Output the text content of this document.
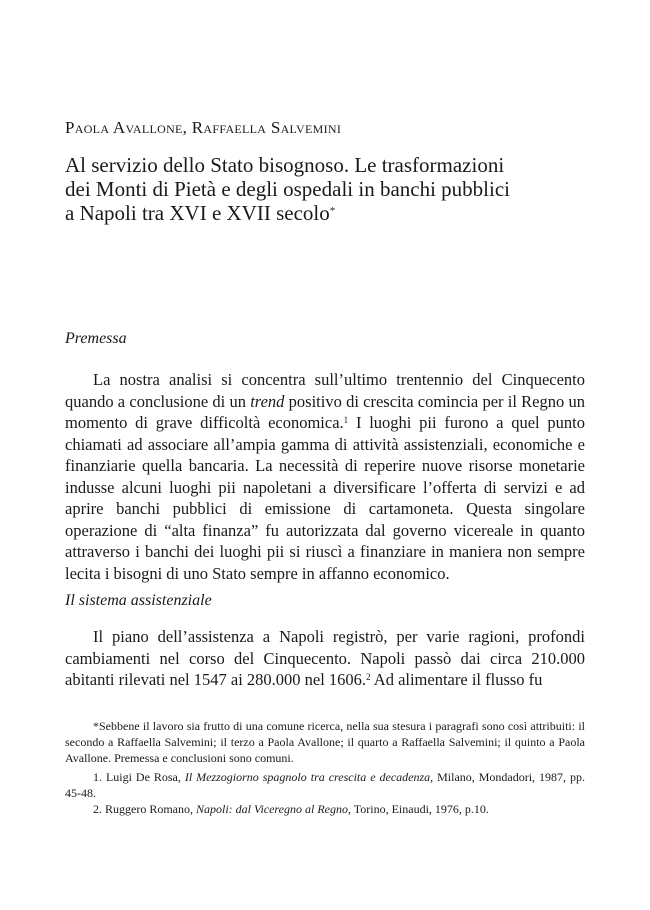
Paola Avallone, Raffaella Salvemini
Al servizio dello Stato bisognoso. Le trasformazioni
dei Monti di Pietà e degli ospedali in banchi pubblici
a Napoli tra XVI e XVII secolo*
Premessa

La nostra analisi si concentra sull’ultimo trentennio del Cinquecento quando a conclusione di un trend positivo di crescita comincia per il Regno un momento di grave difficoltà economica.$^1$ I luoghi pii furono a quel punto chiamati ad associare all’ampia gamma di attività assistenziali, economiche e finanziarie quella bancaria. La necessità di reperire nuove risorse monetarie indusse alcuni luoghi pii napoletani a diversificare l’offerta di servizi e ad aprire banchi pubblici di emissione di cartamoneta. Questa singolare operazione di “alta finanza” fu autorizzata dal governo vicereale in quanto attraverso i banchi dei luoghi pii si riuscì a finanziare in maniera non sempre lecita i bisogni di uno Stato sempre in affanno economico.

Il sistema assistenziale

Il piano dell’assistenza a Napoli registrò, per varie ragioni, profondi cambiamenti nel corso del Cinquecento. Napoli passò dai circa 210.000 abitanti rilevati nel 1547 ai 280.000 nel 1606.$^2$ Ad alimentare il flusso fu

*Sebbene il lavoro sia frutto di una comune ricerca, nella sua stesura i paragrafi sono così attribuiti: il secondo a Raffaella Salvemini; il terzo a Paola Avallone; il quarto a Raffaella Salvemini; il quinto a Paola Avallone. Premessa e conclusioni sono comuni.

1. Luigi De Rosa, Il Mezzogiorno spagnolo tra crescita e decadenza, Milano, Mondadori, 1987, pp. 45-48.

2. Ruggero Romano, Napoli: dal Viceregno al Regno, Torino, Einaudi, 1976, p.10.
